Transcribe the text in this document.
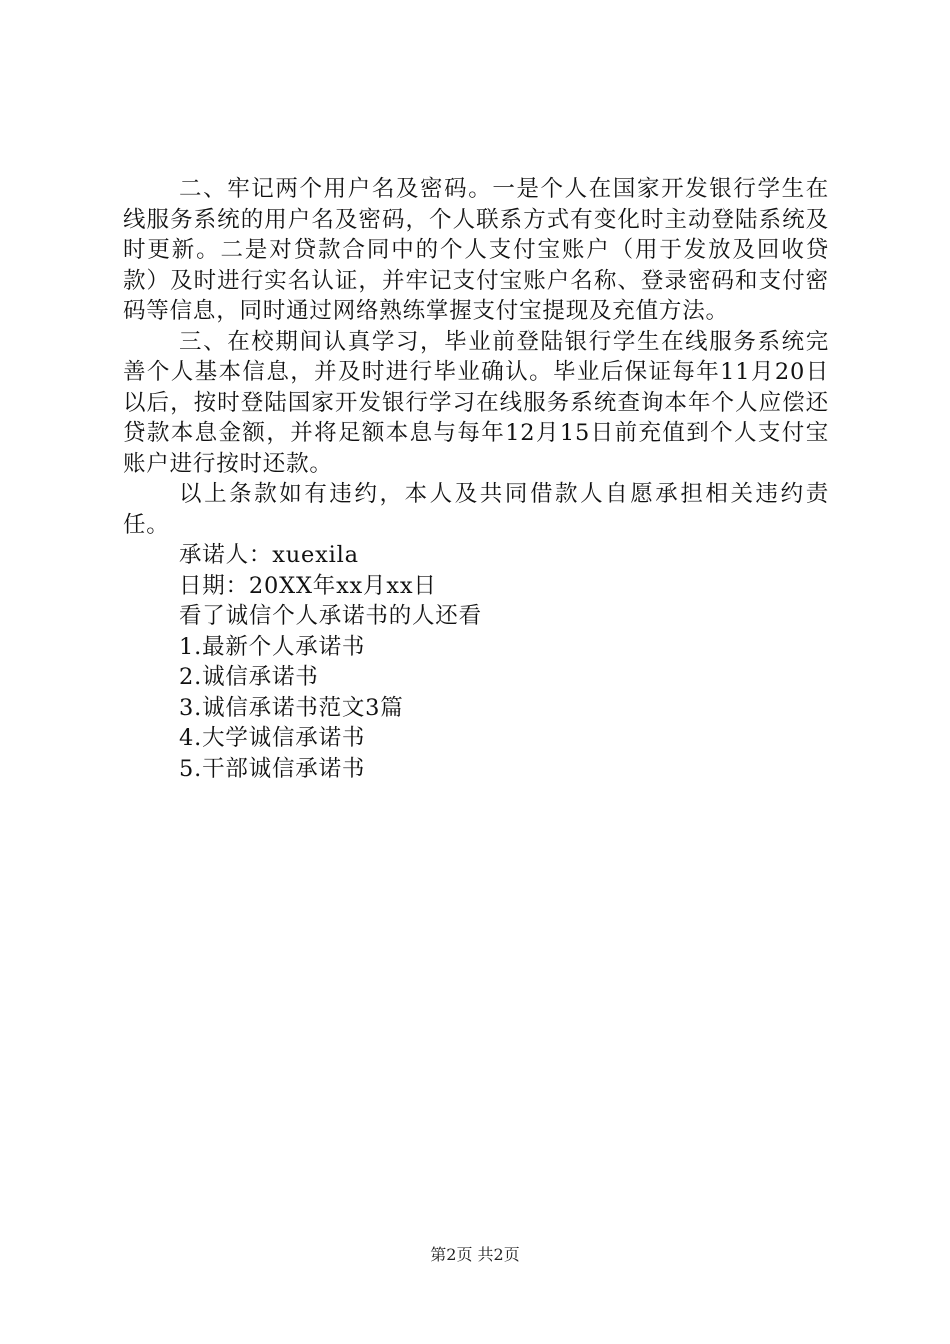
二、牢记两个用户名及密码。一是个人在国家开发银行学生在线服务系统的用户名及密码，个人联系方式有变化时主动登陆系统及时更新。二是对贷款合同中的个人支付宝账户（用于发放及回收贷款）及时进行实名认证，并牢记支付宝账户名称、登录密码和支付密码等信息，同时通过网络熟练掌握支付宝提现及充值方法。

三、在校期间认真学习，毕业前登陆银行学生在线服务系统完善个人基本信息，并及时进行毕业确认。毕业后保证每年11月20日以后，按时登陆国家开发银行学习在线服务系统查询本年个人应偿还贷款本息金额，并将足额本息与每年12月15日前充值到个人支付宝账户进行按时还款。

以上条款如有违约，本人及共同借款人自愿承担相关违约责任。

承诺人：xuexila

日期：20XX年xx月xx日

看了诚信个人承诺书的人还看

1.最新个人承诺书

2.诚信承诺书

3.诚信承诺书范文3篇

4.大学诚信承诺书

5.干部诚信承诺书

第2页 共2页
